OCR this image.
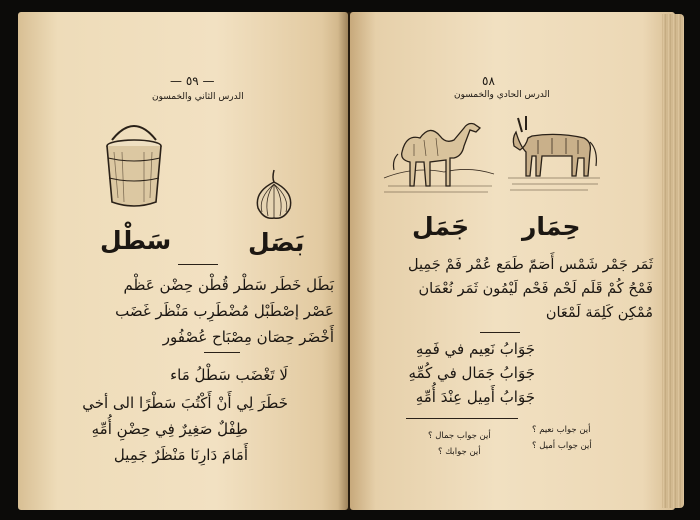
— ٥٩ —
الدرس الثاني والخمسون
بَصَل
سَطْل
بَطَل خَطَر سَطْر قُطْن حِضْن عَظْم
عَصْر إصْطَبْل مُضْطَرِب مَنْظَر غَضَب
أَخْضَر حِصَان مِصْبَاح عُصْفُور
لَا تَغْضَب سَطْلُ مَاء
خَطَرَ لِي أَنْ أَكْتُبَ سَطْرًا الى أخي
طِفْلٌ صَغِيرٌ فِي حِضْنِ أُمِّهِ
أَمَامَ دَارِنَا مَنْظَرٌ جَمِيل
٥٨
الدرس الحادي والخمسون
حِمَار
جَمَل
ثَمَر جَمْر شَمْس أَصَمّ طَمَع عُمْر فَمْ جَمِيل
فَمْحُ كُمْ قَلَم لَحْم فَحْم لَيْمُون ثَمَر نُعْمَان
مُمْكِن كَلِمَة لَمْعَان
جَوَابُ نَعِيم في فَمِهِ
جَوَابُ جَمَال في كُمِّهِ
جَوَابُ أَمِيل عِنْدَ أُمِّهِ
أين جواب نعيم ؟
أين جواب أميل ؟
أين جواب جمال ؟
أين جوابك ؟
